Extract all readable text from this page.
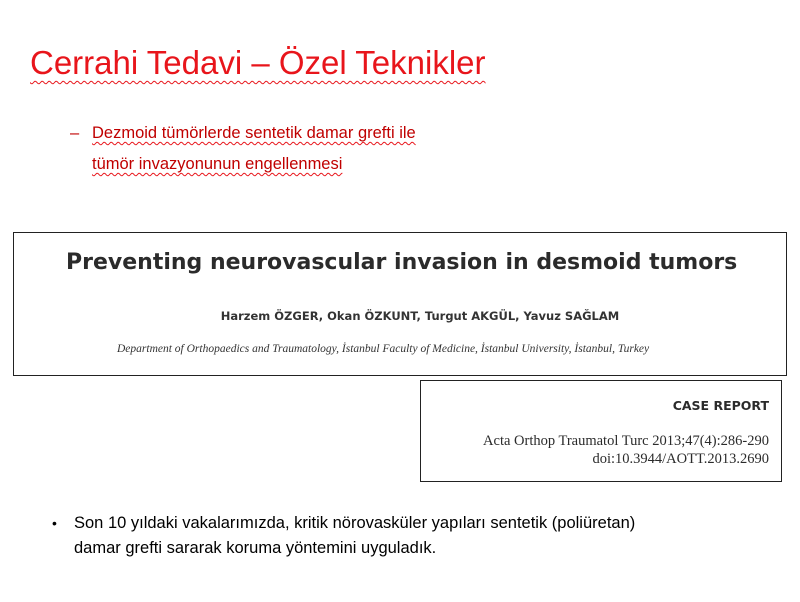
Cerrahi Tedavi – Özel Teknikler
– Dezmoid tümörlerde sentetik damar grefti ile
tümör invazyonunun engellenmesi
Preventing neurovascular invasion in desmoid tumors
Harzem ÖZGER, Okan ÖZKUNT, Turgut AKGÜL, Yavuz SAĞLAM
Department of Orthopaedics and Traumatology, İstanbul Faculty of Medicine, İstanbul University, İstanbul, Turkey
CASE REPORT
Acta Orthop Traumatol Turc 2013;47(4):286-290
doi:10.3944/AOTT.2013.2690
• Son 10 yıldaki vakalarımızda, kritik nörovasküler yapıları sentetik (poliüretan)
damar grefti sararak koruma yöntemini uyguladık.
